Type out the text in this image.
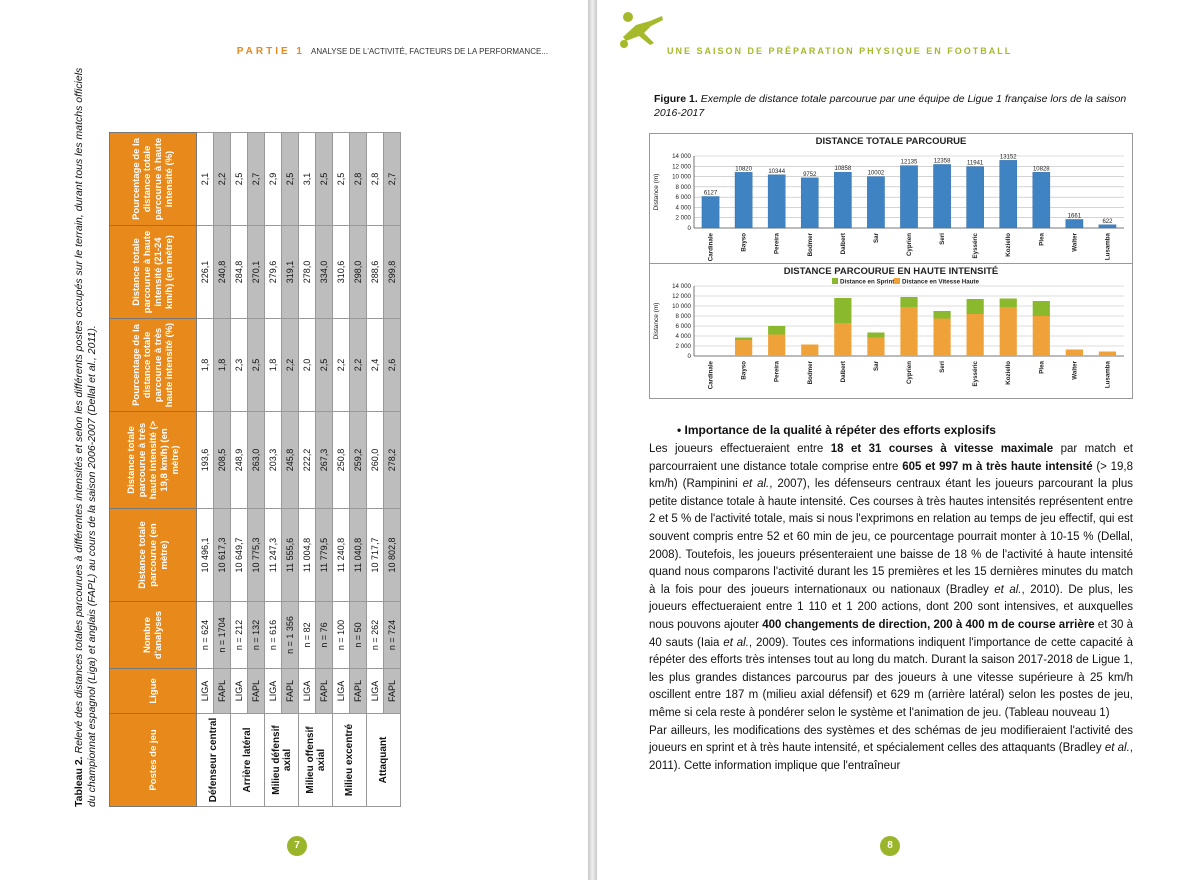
PARTIE 1 ANALYSE DE L'ACTIVITÉ, FACTEURS DE LA PERFORMANCE...
Tableau 2. Relevé des distances totales parcourues à différentes intensités et selon les différents postes occupés sur le terrain, durant tous les matchs officiels du championnat espagnol (Liga) et anglais (FAPL) au cours de la saison 2006-2007 (Dellal et al., 2011).	Postes de jeu	Ligue	Nombre d'analyses	Distance totale parcourue (en mètre)	Distance totale parcourue à très haute intensité (> 19,8 km/h) (en mètre)	Pourcentage de la distance totale parcourue à très haute intensité (%)	Distance totale parcourue à haute intensité (21-24 km/h) (en mètre)	Pourcentage de la distance totale parcourue à haute intensité (%)
Défenseur central	LIGA	n = 624	10 496,1	193,6	1,8	226,1	2,1
	FAPL	n = 1704	10 617,3	208,5	1,8	240,8	2,2
Arrière latéral	LIGA	n = 212	10 649,7	248,9	2,3	284,8	2,5
	FAPL	n = 132	10 775,3	263,0	2,5	270,1	2,7
Milieu défensif axial	LIGA	n = 616	11 247,3	203,3	1,8	279,6	2,9
	FAPL	n = 1 356	11 555,6	245,8	2,2	319,1	2,5
Milieu offensif axial	LIGA	n = 82	11 004,8	222,2	2,0	278,0	3,1
	FAPL	n = 76	11 779,5	267,3	2,5	334,0	2,5
Milieu excentré	LIGA	n = 100	11 240,8	250,8	2,2	310,6	2,5
	FAPL	n = 50	11 040,8	259,2	2,2	298,0	2,8
Attaquant	LIGA	n = 262	10 717,7	260,0	2,4	288,6	2,8
	FAPL	n = 724	10 802,8	278,2	2,6	299,8	2,7
7
UNE SAISON DE PRÉPARATION PHYSIQUE EN FOOTBALL
Figure 1. Exemple de distance totale parcourue par une équipe de Ligue 1 française lors de la saison 2016-2017
DISTANCE TOTALE PARCOURUE
0
2 000
4 000
6 000
8 000
10 000
12 000
14 000
Distance (m)
Cardinale
6127
Bayso
10820
Pereira
10344
Bodmer
9752
Dalbert
10858
Sar
10002
Cyprien
12135
Seri
12358
Eysséric
11941
Koziello
13152
Plea
10828
Walter
1661
Lusamba
622
DISTANCE PARCOURUE EN HAUTE INTENSITÉ
0
2 000
4 000
6 000
8 000
10 000
12 000
14 000
Distance (m)
Cardinale	Bayso	Pereira	Bodmer	Dalbert	Sar	Cyprien	Seri	Eysséric	Koziello	Plea	Walter	Lusamba
Distance en Sprint Distance en Vitesse Haute
• Importance de la qualité à répéter des efforts explosifs

Les joueurs effectueraient entre 18 et 31 courses à vitesse maximale par match et parcourraient une distance totale comprise entre 605 et 997 m à très haute intensité (> 19,8 km/h) (Rampinini et al., 2007), les défenseurs centraux étant les joueurs parcourant la plus petite distance totale à haute intensité. Ces courses à très hautes intensités représentent entre 2 et 5 % de l'activité totale, mais si nous l'exprimons en relation au temps de jeu effectif, qui est souvent compris entre 52 et 60 min de jeu, ce pourcentage pourrait monter à 10-15 % (Dellal, 2008). Toutefois, les joueurs présenteraient une baisse de 18 % de l'activité à haute intensité quand nous comparons l'activité durant les 15 premières et les 15 dernières minutes du match à la fois pour des joueurs internationaux ou nationaux (Bradley et al., 2010). De plus, les joueurs effectueraient entre 1 110 et 1 200 actions, dont 200 sont intensives, et auxquelles nous pouvons ajouter 400 changements de direction, 200 à 400 m de course arrière et 30 à 40 sauts (Iaia et al., 2009). Toutes ces informations indiquent l'importance de cette capacité à répéter des efforts très intenses tout au long du match. Durant la saison 2017-2018 de Ligue 1, les plus grandes distances parcourus par des joueurs à une vitesse supérieure à 25 km/h oscillent entre 187 m (milieu axial défensif) et 629 m (arrière latéral) selon les postes de jeu, même si cela reste à pondérer selon le système et l'animation de jeu. (Tableau nouveau 1)

Par ailleurs, les modifications des systèmes et des schémas de jeu modifieraient l'activité des joueurs en sprint et à très haute intensité, et spécialement celles des attaquants (Bradley et al., 2011). Cette information implique que l'entraîneur

8
